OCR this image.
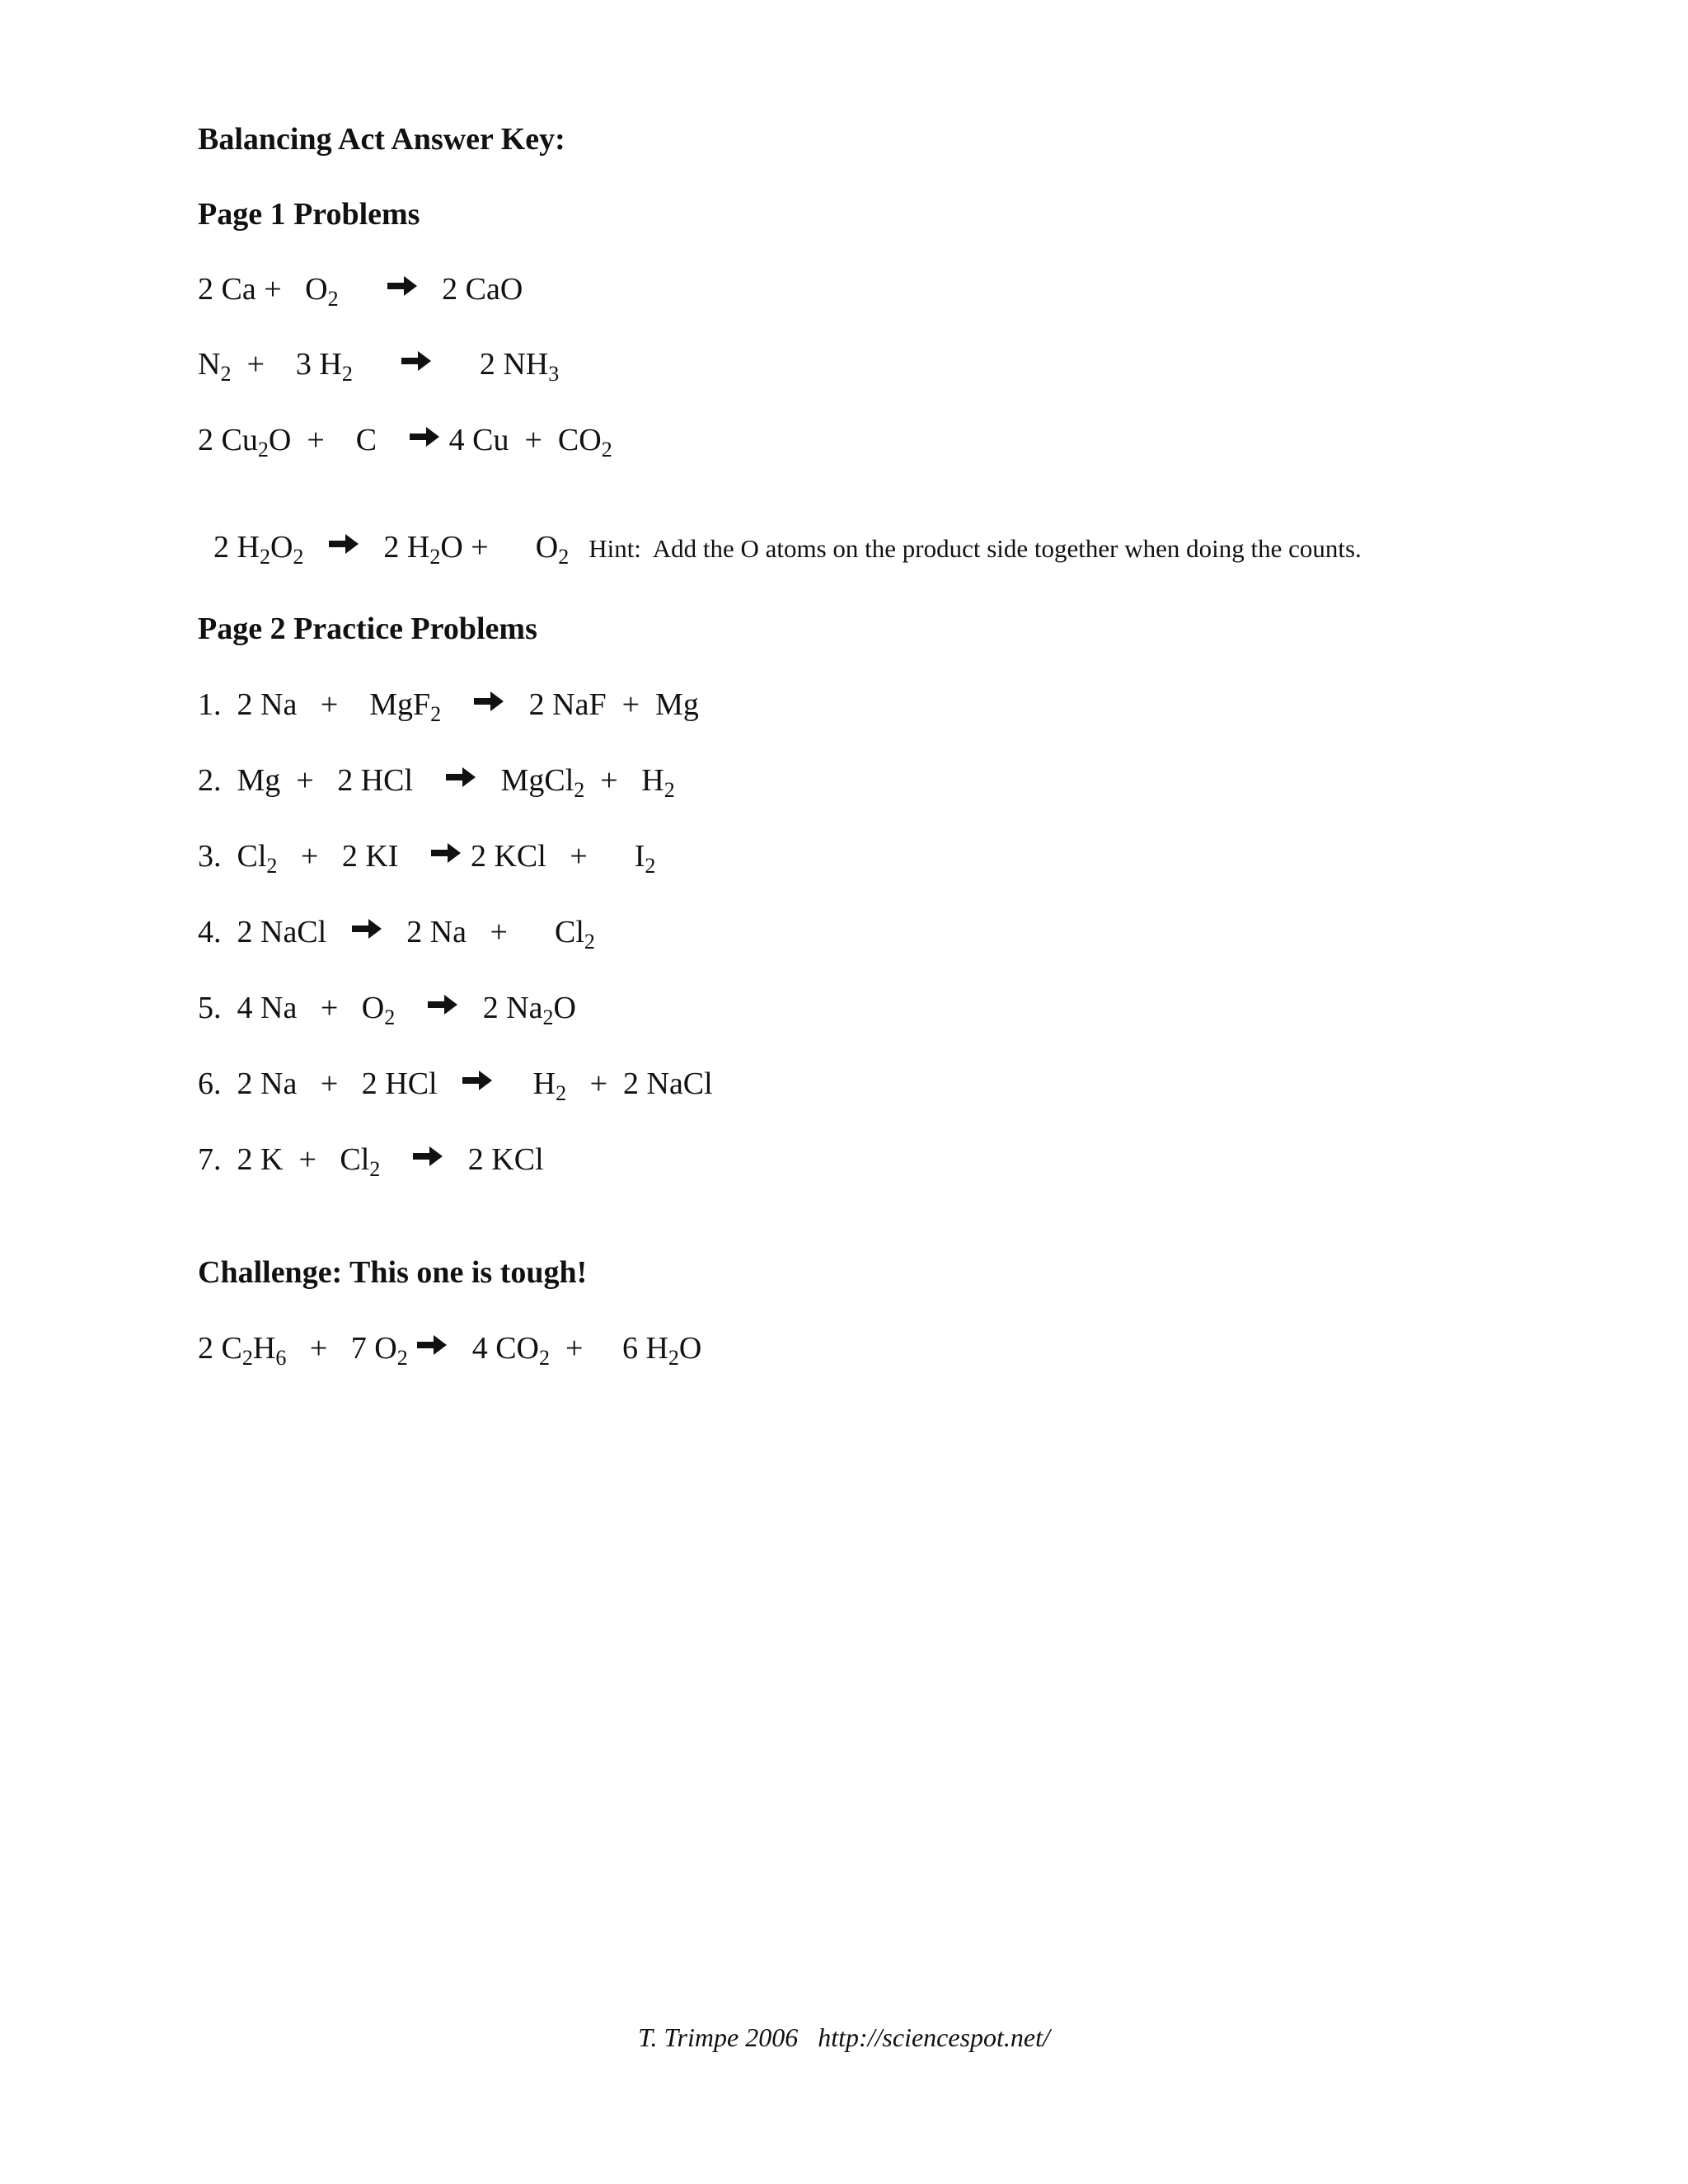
Balancing Act Answer Key:
Page 1 Problems
2 $Ca + O_2 \to 2$ CaO
$N_2$  +    3 $H_2 \to 2$ $NH_3$
2 $Cu_2O$  +    C → 4 $Cu + CO_2$

2 $H_2O_2 \to 2$ $H_2O + O_2$ Hint:  Add the O atoms on the product side together when doing the counts.

Page 2 Practice Problems
1.  2 Na   +    MgF$_2$ → 2 NaF  +  Mg
2.  Mg  +   2 HCl → MgCl$_2$  +   $H_2$
3.  $Cl_2 + 2$ KI → 2 KCl   +      $I_2$
4.  2 NaCl → 2 Na   +      $Cl_2$
5.  4 $Na + O_2 \to 2$ $Na_2O$
6.  2 Na   +   2 HCl → $H_2 + 2$ NaCl
7.  2 $K + Cl_2 \to 2$ KCl
Challenge: This one is tough!
2 $C_2H_6 + 7$ $O_2 \to 4$ $CO_2$  +     6 $H_2O$
T. Trimpe 2006   http://sciencespot.net/
